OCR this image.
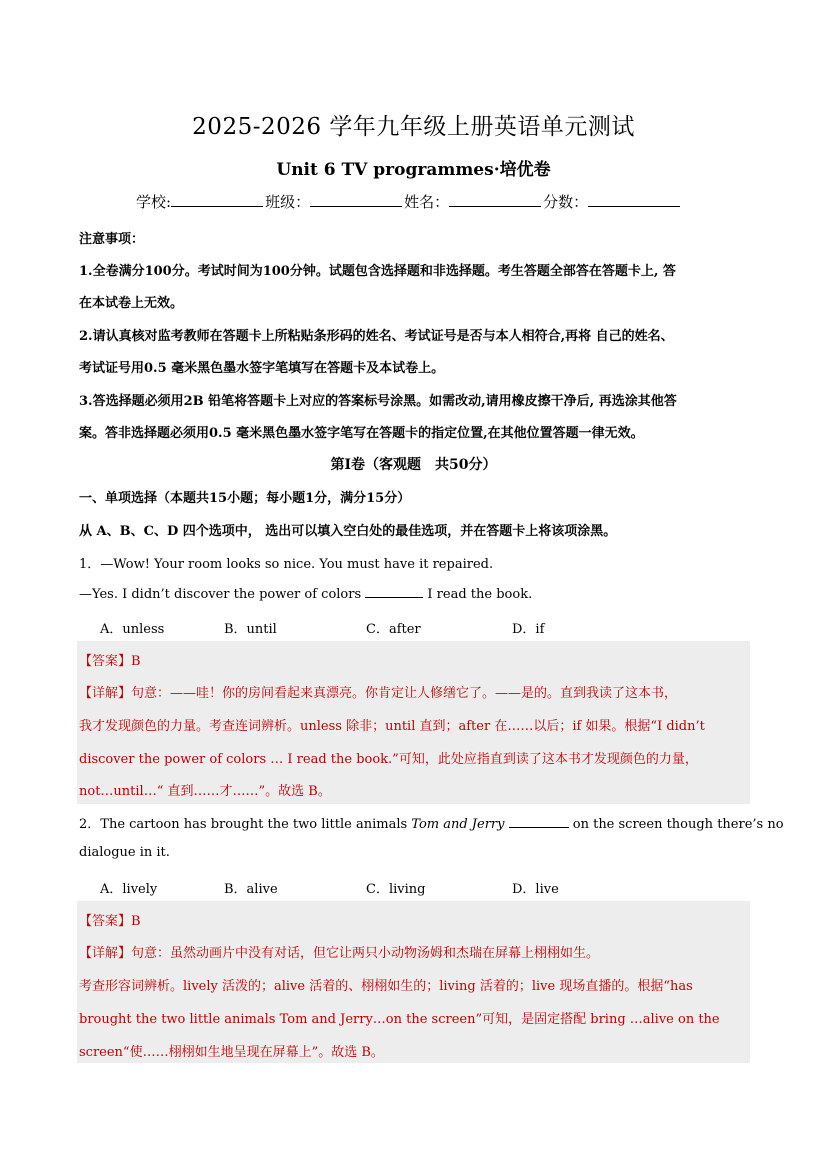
2025-2026 学年九年级上册英语单元测试
Unit 6 TV programmes·培优卷
学校:	班级：	姓名：	分数：
注意事项：
1.全卷满分100分。考试时间为100分钟。试题包含选择题和非选择题。考生答题全部答在答题卡上, 答
在本试卷上无效。
2.请认真核对监考教师在答题卡上所粘贴条形码的姓名、考试证号是否与本人相符合,再将 自己的姓名、
考试证号用0.5 毫米黑色墨水签字笔填写在答题卡及本试卷上。
3.答选择题必须用2B 铅笔将答题卡上对应的答案标号涂黑。如需改动,请用橡皮擦干净后, 再选涂其他答
案。答非选择题必须用0.5 毫米黑色墨水签字笔写在答题卡的指定位置,在其他位置答题一律无效。
第Ⅰ卷（客观题　共50分）
一、单项选择（本题共15小题；每小题1分，满分15分）
从 A、B、C、D 四个选项中， 选出可以填入空白处的最佳选项，并在答题卡上将该项涂黑。
1．—Wow! Your room looks so nice. You must have it repaired.
—Yes. I didn’t discover the power of colors	I read the book.
A．unless	B．until	C．after	D．if
【答案】B
【详解】句意：——哇！你的房间看起来真漂亮。你肯定让人修缮它了。——是的。直到我读了这本书，
我才发现颜色的力量。考查连词辨析。unless 除非；until 直到；after 在……以后；if 如果。根据“I didn’t
discover the power of colors … I read the book.”可知，此处应指直到读了这本书才发现颜色的力量，
not…until…“ 直到……才……”。故选 B。
2．The cartoon has brought the two little animals Tom and Jerry	on the screen though there’s no
dialogue in it.
A．lively	B．alive	C．living	D．live
【答案】B
【详解】句意：虽然动画片中没有对话，但它让两只小动物汤姆和杰瑞在屏幕上栩栩如生。
考查形容词辨析。lively 活泼的；alive 活着的、栩栩如生的；living 活着的；live 现场直播的。根据“has
brought the two little animals Tom and Jerry…on the screen”可知，是固定搭配 bring …alive on the
screen“使……栩栩如生地呈现在屏幕上”。故选 B。
